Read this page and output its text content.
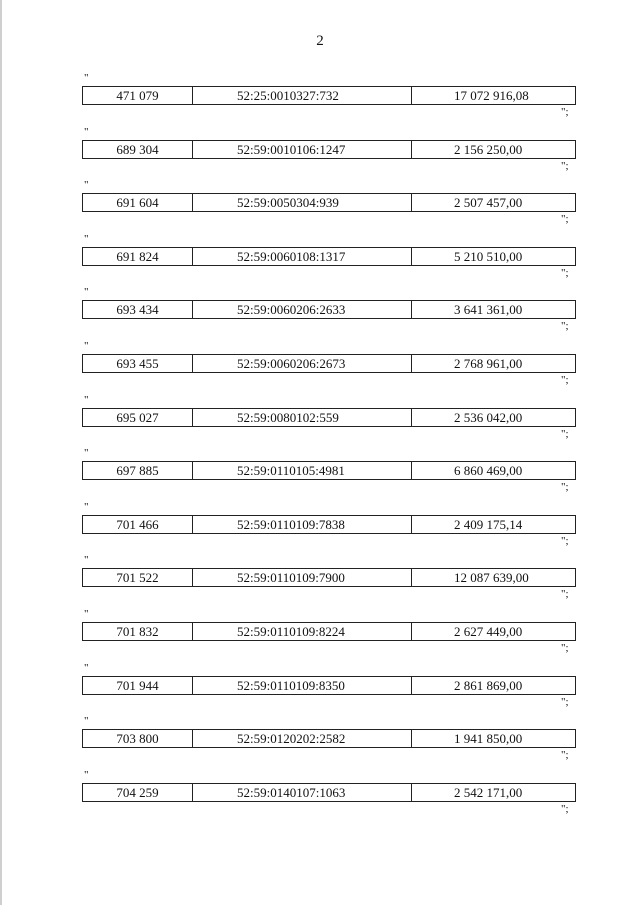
2
"
471 079	52:25:0010327:732	17 072 916,08
";
"
689 304	52:59:0010106:1247	2 156 250,00
";
"
691 604	52:59:0050304:939	2 507 457,00
";
"
691 824	52:59:0060108:1317	5 210 510,00
";
"
693 434	52:59:0060206:2633	3 641 361,00
";
"
693 455	52:59:0060206:2673	2 768 961,00
";
"
695 027	52:59:0080102:559	2 536 042,00
";
"
697 885	52:59:0110105:4981	6 860 469,00
";
"
701 466	52:59:0110109:7838	2 409 175,14
";
"
701 522	52:59:0110109:7900	12 087 639,00
";
"
701 832	52:59:0110109:8224	2 627 449,00
";
"
701 944	52:59:0110109:8350	2 861 869,00
";
"
703 800	52:59:0120202:2582	1 941 850,00
";
"
704 259	52:59:0140107:1063	2 542 171,00
";
